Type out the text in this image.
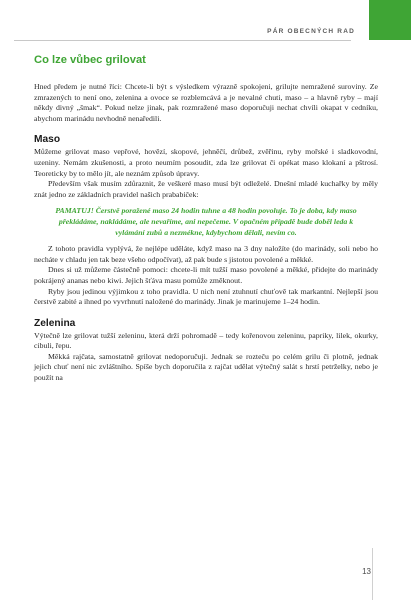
PÁR OBECNÝCH RAD
Co lze vůbec grilovat

Hned předem je nutné říci: Chcete-li být s výsledkem výrazně spokojeni, grilujte nemražené suroviny. Ze zmrazených to není ono, zelenina a ovoce se rozblemcává a je nevalné chuti, maso – a hlavně ryby – mají někdy divný „šmak“. Pokud nelze jinak, pak rozmražené maso doporučuji nechat chvíli okapat v cedníku, abychom marinádu nevhodně nenaředili.

Maso

Můžeme grilovat maso vepřové, hovězí, skopové, jehněčí, drůbež, zvěřinu, ryby mořské i sladkovodní, uzeniny. Nemám zkušenosti, a proto neumím posoudit, zda lze grilovat či opékat maso klokaní a pštrosí. Teoreticky by to mělo jít, ale neznám způsob úpravy.

Především však musím zdůraznit, že veškeré maso musí být odleželé. Dnešní mladé kuchařky by měly znát jedno ze základních pravidel našich prababiček:

PAMATUJ! Čerstvě poražené maso 24 hodin tuhne a 48 hodin povoluje. To je doba, kdy maso překládáme, nakládáme, ale nevaříme, ani nepečeme. V opačném případě bude doběl leda k vylámání zubů a nezmékne, kdybychom dělali, nevím co.

Z tohoto pravidla vyplývá, že nejlépe uděláte, když maso na 3 dny naložíte (do marinády, soli nebo ho necháte v chladu jen tak beze všeho odpočívat), až pak bude s jistotou povolené a měkké.

Dnes si už můžeme částečně pomoci: chcete-li mít tužší maso povolené a měkké, přidejte do marinády pokrájený ananas nebo kiwi. Jejich šťáva masu pomůže změknout.

Ryby jsou jedinou výjimkou z toho pravidla. U nich není ztuhnutí chuťově tak markantní. Nejlepší jsou čerstvě zabité a ihned po vyvrhnutí naložené do marinády. Jinak je marinujeme 1–24 hodin.

Zelenina

Výtečně lze grilovat tužší zeleninu, která drží pohromadě – tedy kořenovou zeleninu, papriky, lilek, okurky, cibuli, řepu.

Měkká rajčata, samostatně grilovat nedoporučuji. Jednak se rozteču po celém grilu či plotně, jednak jejich chuť není nic zvláštního. Spíše bych doporučila z rajčat udělat výtečný salát s hrstí petrželky, nebo je použít na

13
